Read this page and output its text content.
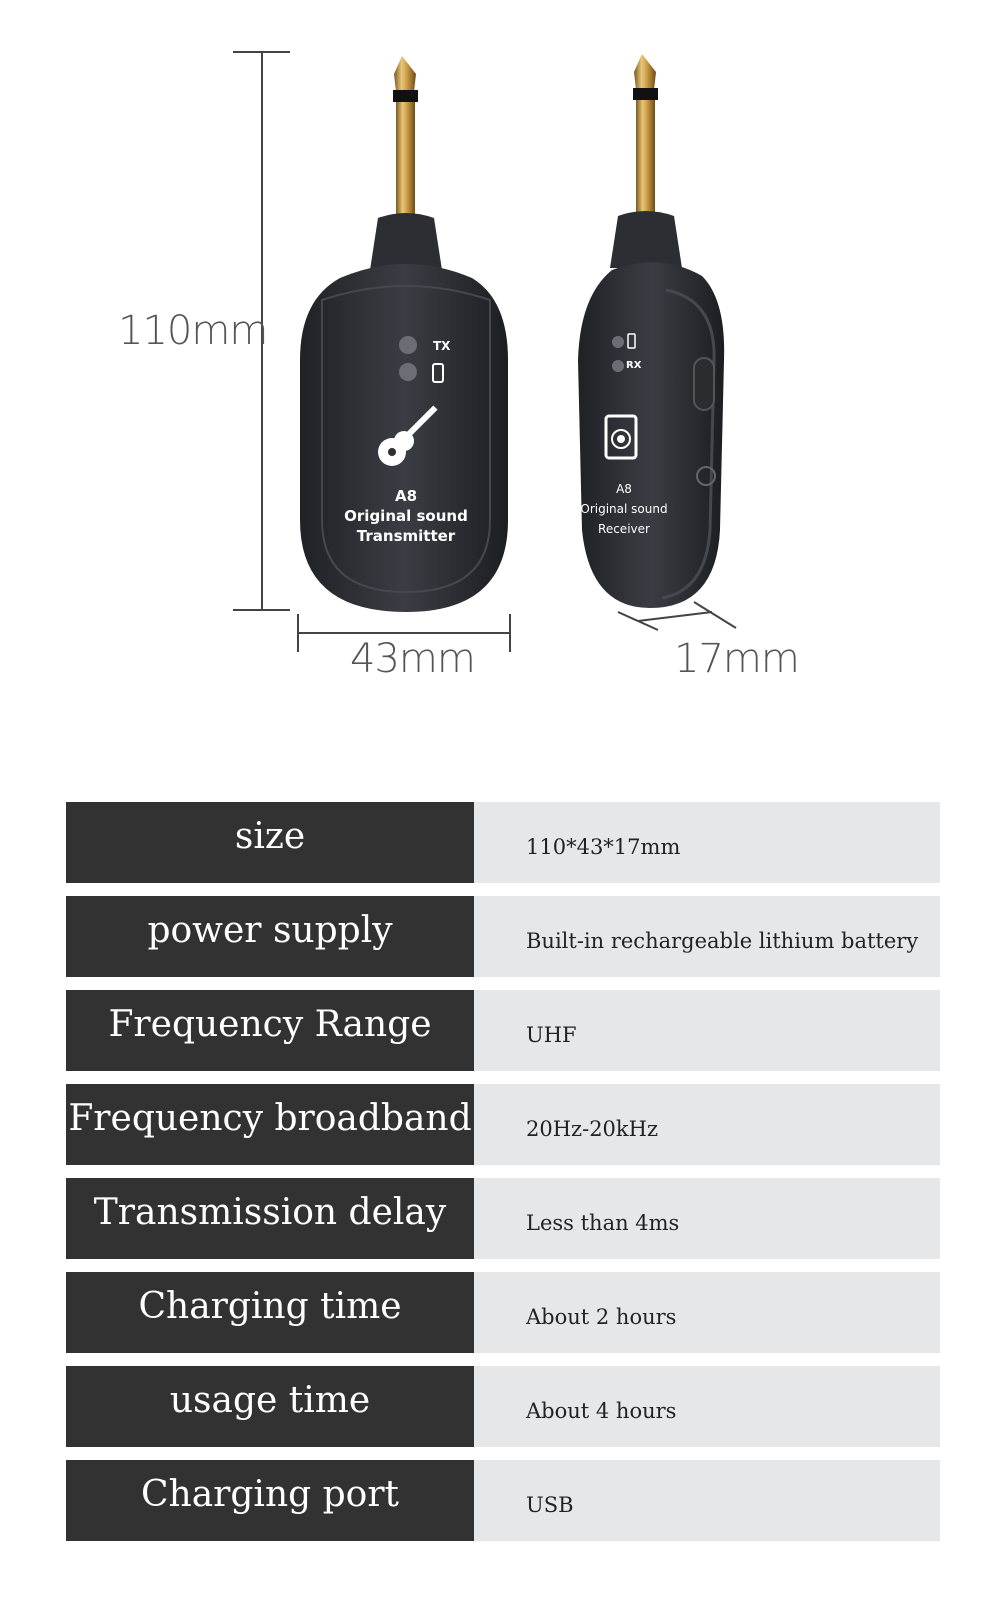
110mm
43mm	17mm
TX
A8
Original sound
Transmitter
RX
A8
Original sound
Receiver
size	110*43*17mm
power supply	Built-in rechargeable lithium battery
Frequency Range	UHF
Frequency broadband	20Hz-20kHz
Transmission delay	Less than 4ms
Charging time	About 2 hours
usage time	About 4 hours
Charging port	USB
